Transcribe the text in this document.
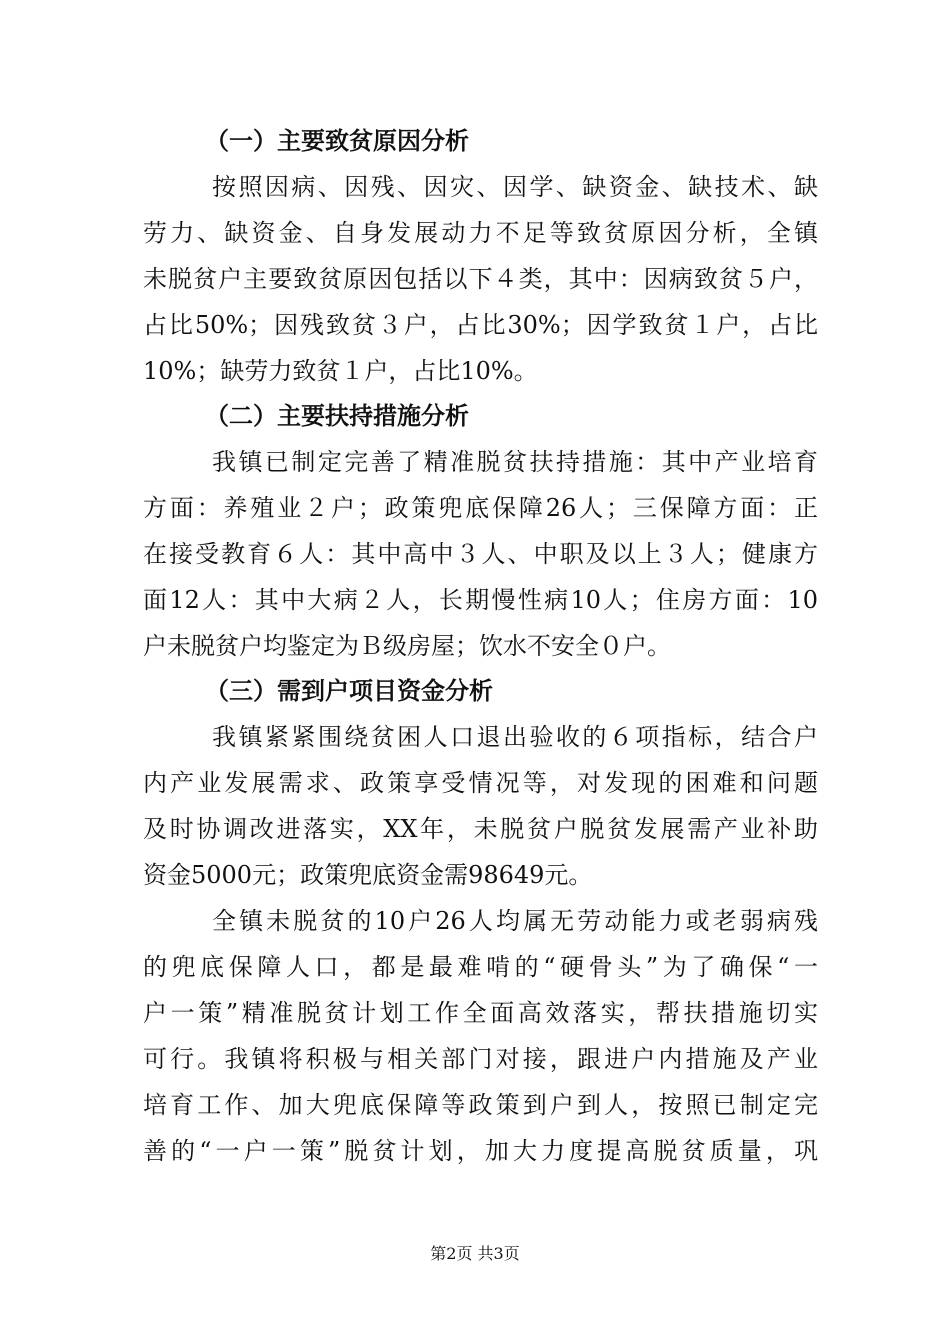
（一）主要致贫原因分析
按照因病、因残、因灾、因学、缺资金、缺技术、缺
劳力、缺资金、自身发展动力不足等致贫原因分析，全镇
未脱贫户主要致贫原因包括以下４类，其中：因病致贫５户，
占比50%；因残致贫３户，占比30%；因学致贫１户，占比
10%；缺劳力致贫１户，占比10%。
（二）主要扶持措施分析
我镇已制定完善了精准脱贫扶持措施：其中产业培育
方面：养殖业２户；政策兜底保障26人；三保障方面：正
在接受教育６人：其中高中３人、中职及以上３人；健康方
面12人：其中大病２人，长期慢性病10人；住房方面：10
户未脱贫户均鉴定为Ｂ级房屋；饮水不安全０户。
（三）需到户项目资金分析
我镇紧紧围绕贫困人口退出验收的６项指标，结合户
内产业发展需求、政策享受情况等，对发现的困难和问题
及时协调改进落实，XX年，未脱贫户脱贫发展需产业补助
资金5000元；政策兜底资金需98649元。
全镇未脱贫的10户26人均属无劳动能力或老弱病残
的兜底保障人口，都是最难啃的“硬骨头”为了确保“一
户一策”精准脱贫计划工作全面高效落实，帮扶措施切实
可行。我镇将积极与相关部门对接，跟进户内措施及产业
培育工作、加大兜底保障等政策到户到人，按照已制定完
善的“一户一策”脱贫计划，加大力度提高脱贫质量，巩
第2页 共3页
